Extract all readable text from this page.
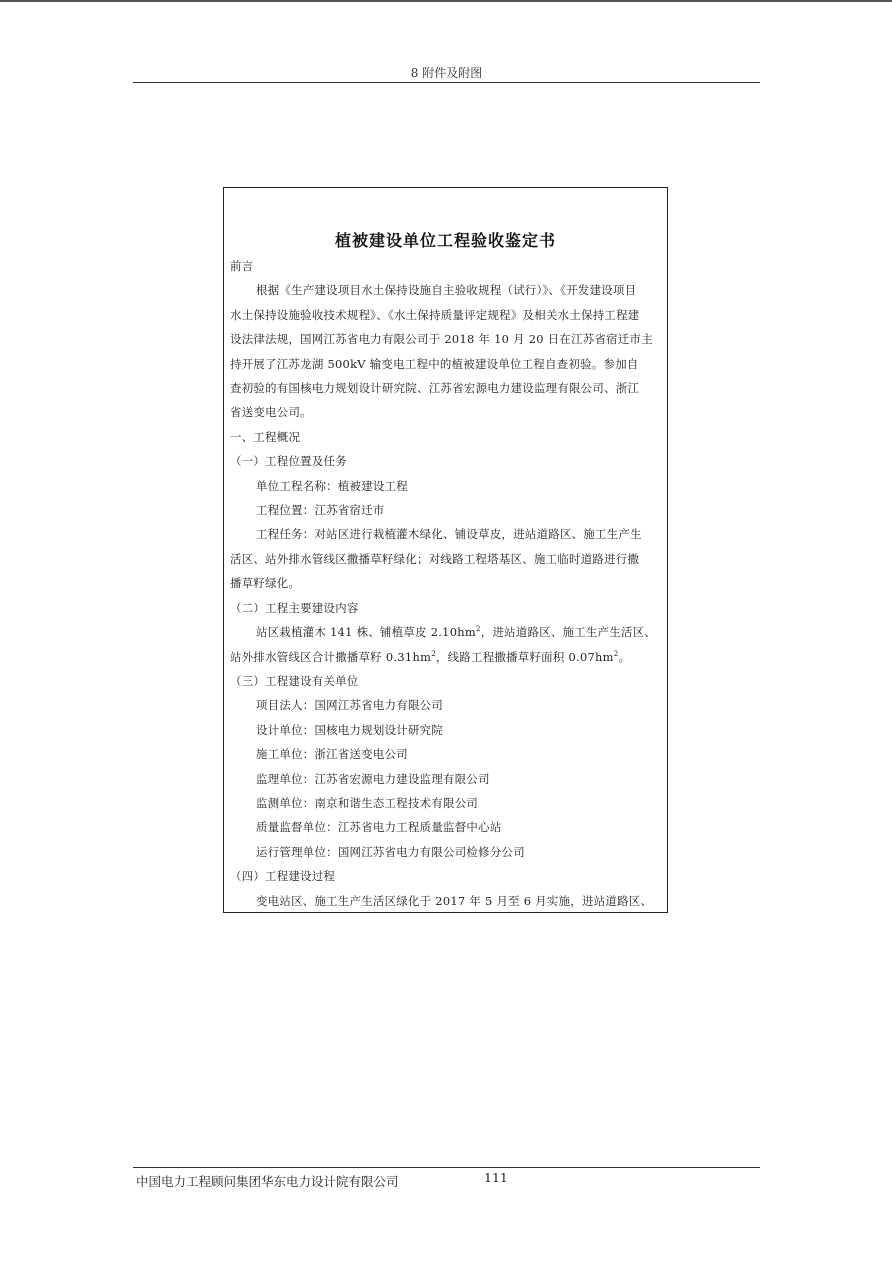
8 附件及附图
植被建设单位工程验收鉴定书
前言
根据《生产建设项目水土保持设施自主验收规程（试行）》、《开发建设项目
水土保持设施验收技术规程》、《水土保持质量评定规程》及相关水土保持工程建
设法律法规，国网江苏省电力有限公司于 2018 年 10 月 20 日在江苏省宿迁市主
持开展了江苏龙湖 500kV 输变电工程中的植被建设单位工程自查初验。参加自
查初验的有国核电力规划设计研究院、江苏省宏源电力建设监理有限公司、浙江
省送变电公司。
一、工程概况
（一）工程位置及任务
单位工程名称：植被建设工程
工程位置：江苏省宿迁市
工程任务：对站区进行栽植灌木绿化、铺设草皮，进站道路区、施工生产生
活区、站外排水管线区撒播草籽绿化；对线路工程塔基区、施工临时道路进行撒
播草籽绿化。
（二）工程主要建设内容
站区栽植灌木 141 株、铺植草皮 $2.10hm^2$，进站道路区、施工生产生活区、
站外排水管线区合计撒播草籽 $0.31hm^2$，线路工程撒播草籽面积 $0.07hm^2$。
（三）工程建设有关单位
项目法人：国网江苏省电力有限公司
设计单位：国核电力规划设计研究院
施工单位：浙江省送变电公司
监理单位：江苏省宏源电力建设监理有限公司
监测单位：南京和谐生态工程技术有限公司
质量监督单位：江苏省电力工程质量监督中心站
运行管理单位：国网江苏省电力有限公司检修分公司
（四）工程建设过程
变电站区、施工生产生活区绿化于 2017 年 5 月至 6 月实施，进站道路区、
中国电力工程顾问集团华东电力设计院有限公司	111
